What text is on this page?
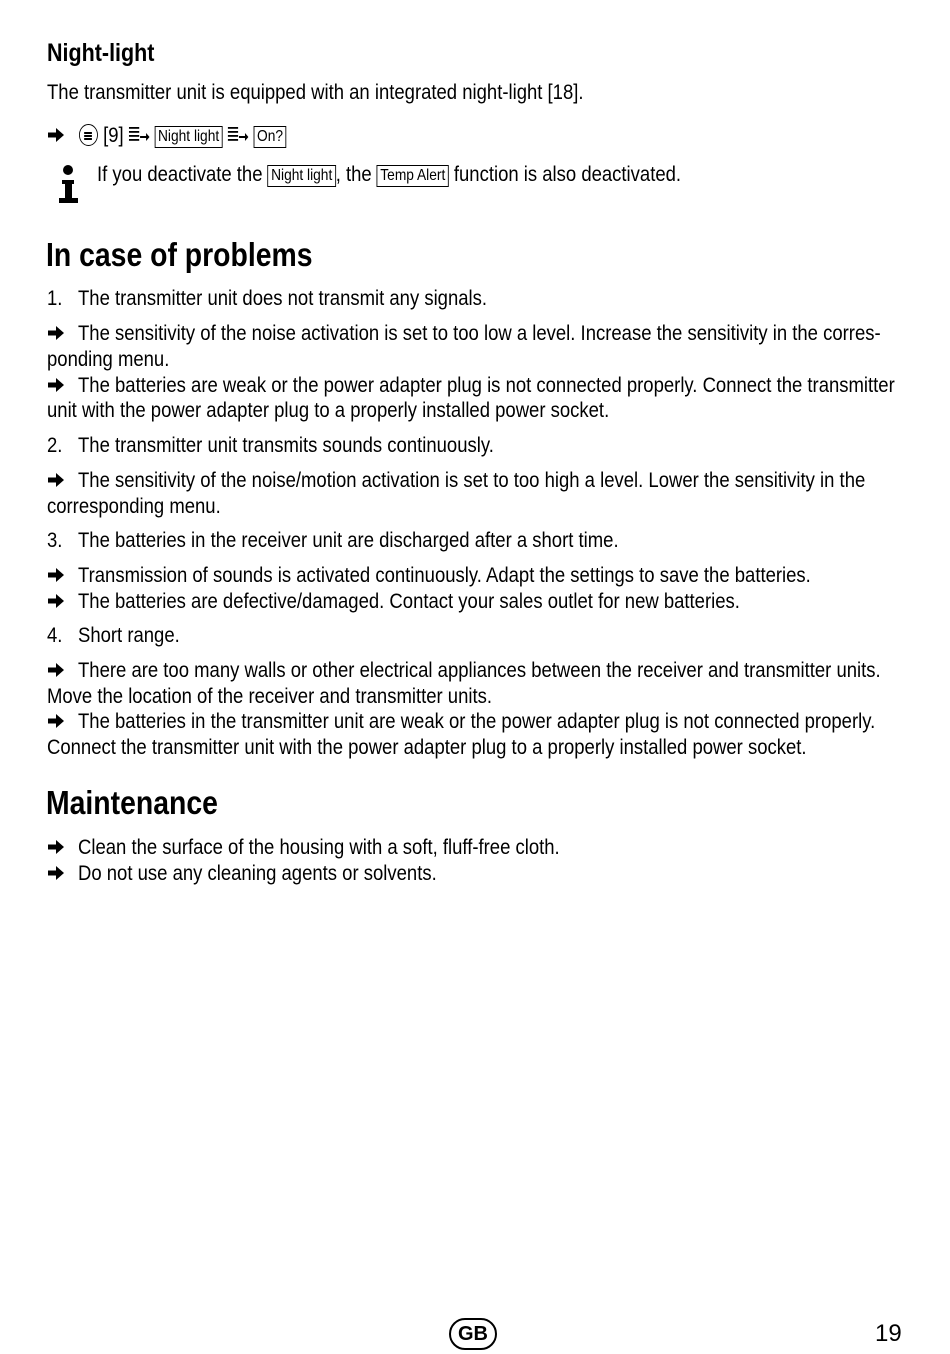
Night-light
The transmitter unit is equipped with an integrated night-light [18].
[9] Night light On?
If you deactivate the Night light , the Temp Alert function is also deactivated.
In case of problems
1. The transmitter unit does not transmit any signals.
The sensitivity of the noise activation is set to too low a level. Increase the sensitivity in the corres-
ponding menu.
The batteries are weak or the power adapter plug is not connected properly. Connect the transmitter
unit with the power adapter plug to a properly installed power socket.
2. The transmitter unit transmits sounds continuously.
The sensitivity of the noise/motion activation is set to too high a level. Lower the sensitivity in the
corresponding menu.
3. The batteries in the receiver unit are discharged after a short time.
Transmission of sounds is activated continuously. Adapt the settings to save the batteries.
The batteries are defective/damaged. Contact your sales outlet for new batteries.
4. Short range.
There are too many walls or other electrical appliances between the receiver and transmitter units.
Move the location of the receiver and transmitter units.
The batteries in the transmitter unit are weak or the power adapter plug is not connected properly.
Connect the transmitter unit with the power adapter plug to a properly installed power socket.
Maintenance
Clean the surface of the housing with a soft, fluff-free cloth.
Do not use any cleaning agents or solvents.
GB	19
